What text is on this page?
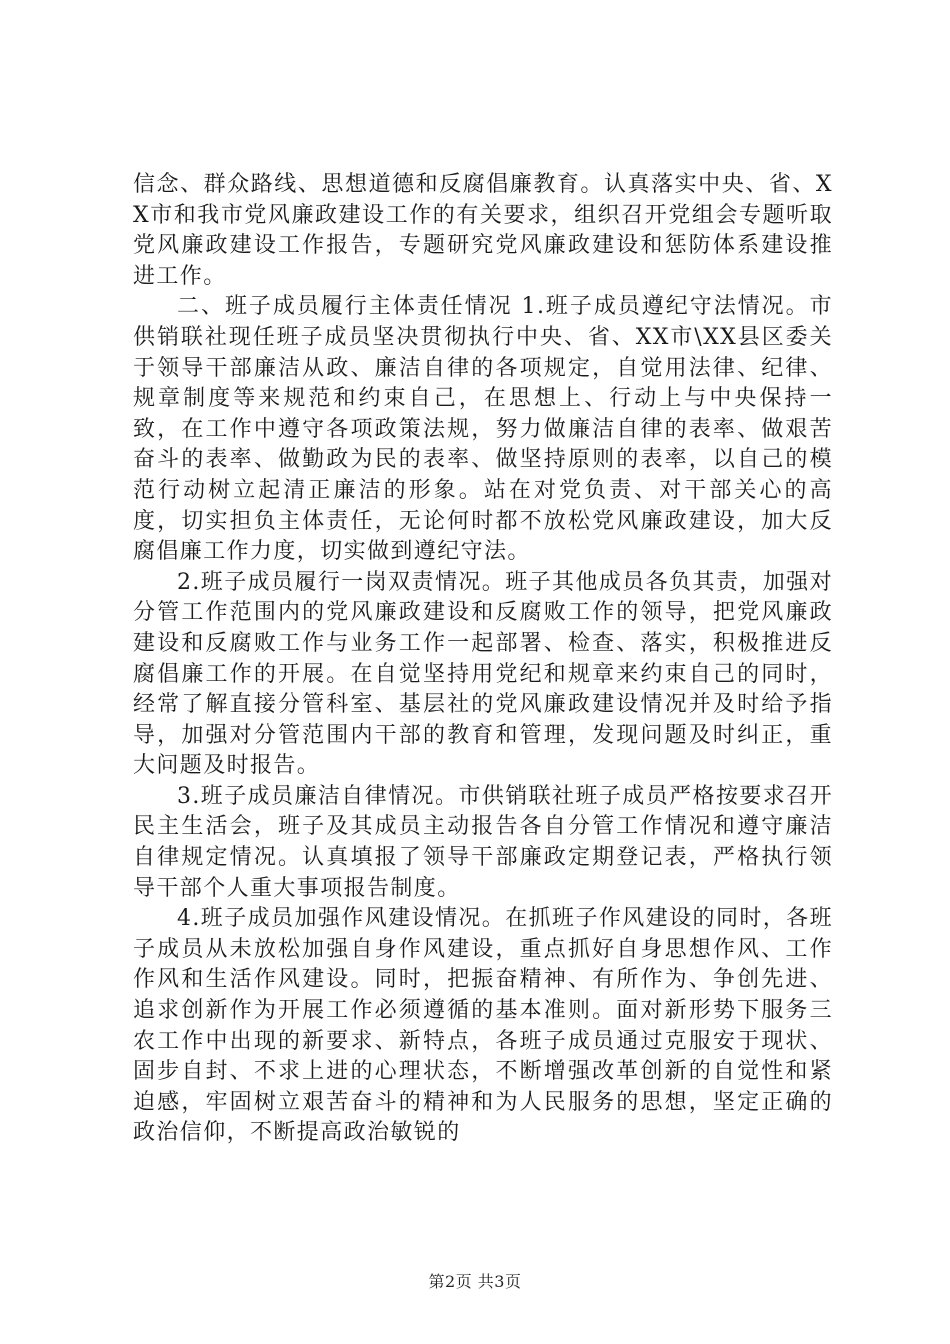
信念、群众路线、思想道德和反腐倡廉教育。认真落实中央、省、XX市和我市党风廉政建设工作的有关要求，组织召开党组会专题听取党风廉政建设工作报告，专题研究党风廉政建设和惩防体系建设推进工作。

二、班子成员履行主体责任情况 1.班子成员遵纪守法情况。市供销联社现任班子成员坚决贯彻执行中央、省、XX市\XX县区委关于领导干部廉洁从政、廉洁自律的各项规定，自觉用法律、纪律、规章制度等来规范和约束自己，在思想上、行动上与中央保持一致，在工作中遵守各项政策法规，努力做廉洁自律的表率、做艰苦奋斗的表率、做勤政为民的表率、做坚持原则的表率，以自己的模范行动树立起清正廉洁的形象。站在对党负责、对干部关心的高度，切实担负主体责任，无论何时都不放松党风廉政建设，加大反腐倡廉工作力度，切实做到遵纪守法。

2.班子成员履行一岗双责情况。班子其他成员各负其责，加强对分管工作范围内的党风廉政建设和反腐败工作的领导，把党风廉政建设和反腐败工作与业务工作一起部署、检查、落实，积极推进反腐倡廉工作的开展。在自觉坚持用党纪和规章来约束自己的同时，经常了解直接分管科室、基层社的党风廉政建设情况并及时给予指导，加强对分管范围内干部的教育和管理，发现问题及时纠正，重大问题及时报告。

3.班子成员廉洁自律情况。市供销联社班子成员严格按要求召开民主生活会，班子及其成员主动报告各自分管工作情况和遵守廉洁自律规定情况。认真填报了领导干部廉政定期登记表，严格执行领导干部个人重大事项报告制度。

4.班子成员加强作风建设情况。在抓班子作风建设的同时，各班子成员从未放松加强自身作风建设，重点抓好自身思想作风、工作作风和生活作风建设。同时，把振奋精神、有所作为、争创先进、追求创新作为开展工作必须遵循的基本准则。面对新形势下服务三农工作中出现的新要求、新特点，各班子成员通过克服安于现状、固步自封、不求上进的心理状态，不断增强改革创新的自觉性和紧迫感，牢固树立艰苦奋斗的精神和为人民服务的思想，坚定正确的政治信仰，不断提高政治敏锐的

第2页 共3页
